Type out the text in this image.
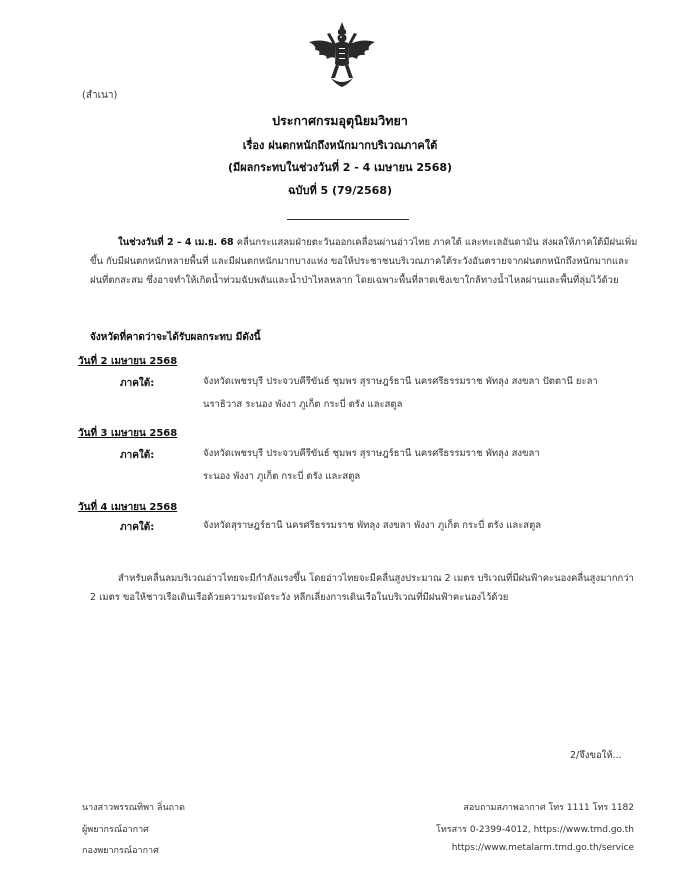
(สำเนา)
ประกาศกรมอุตุนิยมวิทยา
เรื่อง ฝนตกหนักถึงหนักมากบริเวณภาคใต้
(มีผลกระทบในช่วงวันที่ 2 - 4 เมษายน 2568)
ฉบับที่ 5 (79/2568)

ในช่วงวันที่ 2 – 4 เม.ย. 68 คลื่นกระแสลมฝ่ายตะวันออกเคลื่อนผ่านอ่าวไทย ภาคใต้ และทะเลอันดามัน ส่งผลให้ภาคใต้มีฝนเพิ่มขึ้น กับมีฝนตกหนักหลายพื้นที่ และมีฝนตกหนักมากบางแห่ง ขอให้ประชาชนบริเวณภาคใต้ระวังอันตรายจากฝนตกหนักถึงหนักมากและฝนที่ตกสะสม ซึ่งอาจทำให้เกิดน้ำท่วมฉับพลันและน้ำป่าไหลหลาก โดยเฉพาะพื้นที่ลาดเชิงเขาใกล้ทางน้ำไหลผ่านและพื้นที่ลุ่มไว้ด้วย

จังหวัดที่คาดว่าจะได้รับผลกระทบ มีดังนี้
วันที่ 2 เมษายน 2568
ภาคใต้:	จังหวัดเพชรบุรี ประจวบคีรีขันธ์ ชุมพร สุราษฎร์ธานี นครศรีธรรมราช พัทลุง สงขลา ปัตตานี ยะลา
นราธิวาส ระนอง พังงา ภูเก็ต กระบี่ ตรัง และสตูล
วันที่ 3 เมษายน 2568
ภาคใต้:	จังหวัดเพชรบุรี ประจวบคีรีขันธ์ ชุมพร สุราษฎร์ธานี นครศรีธรรมราช พัทลุง สงขลา
ระนอง พังงา ภูเก็ต กระบี่ ตรัง และสตูล
วันที่ 4 เมษายน 2568
ภาคใต้:	จังหวัดสุราษฎร์ธานี นครศรีธรรมราช พัทลุง สงขลา พังงา ภูเก็ต กระบี่ ตรัง และสตูล

สำหรับคลื่นลมบริเวณอ่าวไทยจะมีกำลังแรงขึ้น โดยอ่าวไทยจะมีคลื่นสูงประมาณ 2 เมตร บริเวณที่มีฝนฟ้าคะนองคลื่นสูงมากกว่า 2 เมตร ขอให้ชาวเรือเดินเรือด้วยความระมัดระวัง หลีกเลี่ยงการเดินเรือในบริเวณที่มีฝนฟ้าคะนองไว้ด้วย

2/จึงขอให้...
นางสาวพรรณทิพา ลิ่นถาด
ผู้พยากรณ์อากาศ
กองพยากรณ์อากาศ
สอบถามสภาพอากาศ โทร 1111 โทร 1182
โทรสาร 0-2399-4012, https://www.tmd.go.th
https://www.metalarm.tmd.go.th/service
